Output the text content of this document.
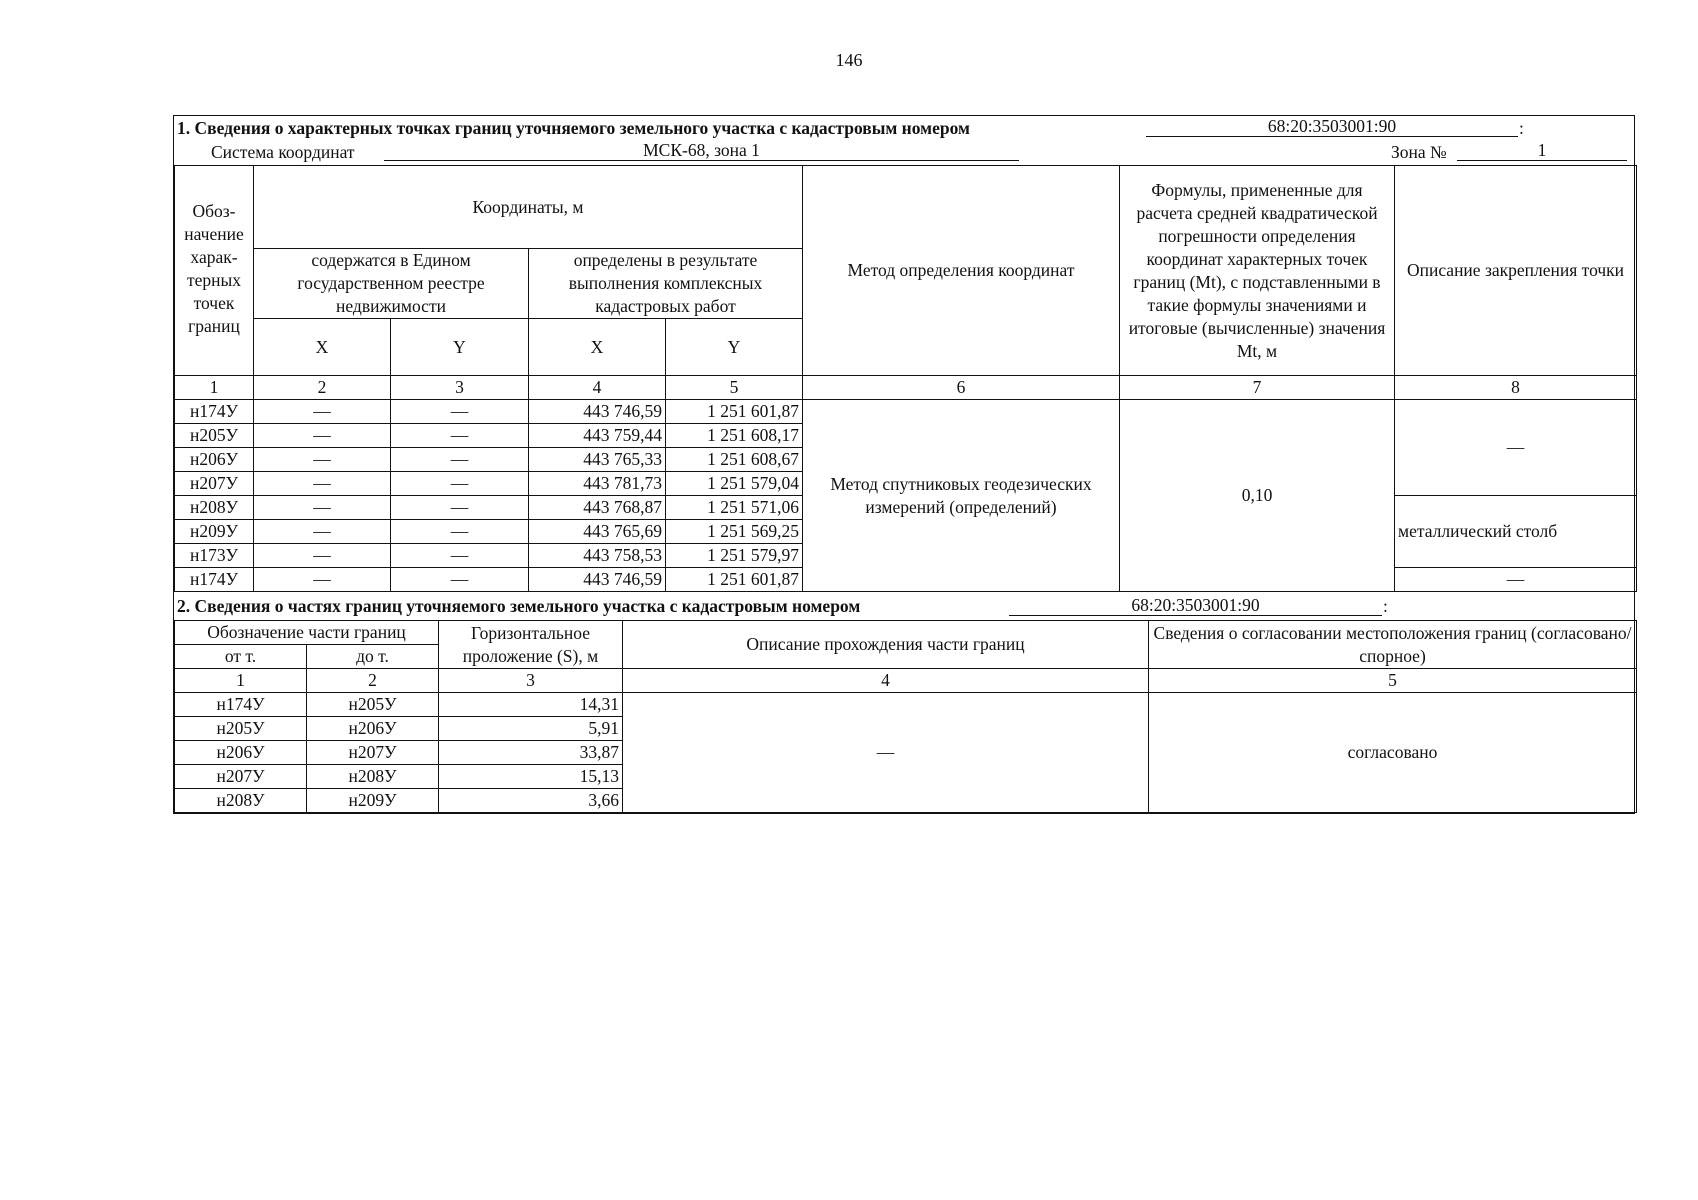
146
1. Сведения о характерных точках границ уточняемого земельного участка с кадастровым номером	68:20:3503001:90	:
Система координат	МСК-68, зона 1	Зона №	1
Обоз-начение харак-терных точек границ	Координаты, м				Метод определения координат	Формулы, примененные для расчета средней квадратической погрешности определения координат характерных точек границ (Mt), с подставленными в такие формулы значениями и итоговые (вычисленные) значения Mt, м	Описание закрепления точки
	содержатся в Едином государственном реестре недвижимости		определены в результате выполнения комплексных кадастровых работ				
	X	Y	X	Y			
1	2	3	4	5	6	7	8
н174У	—	—	443 746,59	1 251 601,87	Метод спутниковых геодезических измерений (определений)	0,10	—
н205У	—	—	443 759,44	1 251 608,17			
н206У	—	—	443 765,33	1 251 608,67			
н207У	—	—	443 781,73	1 251 579,04			
н208У	—	—	443 768,87	1 251 571,06			металлический столб
н209У	—	—	443 765,69	1 251 569,25			
н173У	—	—	443 758,53	1 251 579,97			
н174У	—	—	443 746,59	1 251 601,87			—
2. Сведения о частях границ уточняемого земельного участка с кадастровым номером	68:20:3503001:90	:
Обозначение части границ		Горизонтальное проложение (S), м	Описание прохождения части границ	Сведения о согласовании местоположения границ (согласовано/спорное)
от т.	до т.			
1	2	3	4	5
н174У	н205У	14,31	—	согласовано
н205У	н206У	5,91		
н206У	н207У	33,87		
н207У	н208У	15,13		
н208У	н209У	3,66		
